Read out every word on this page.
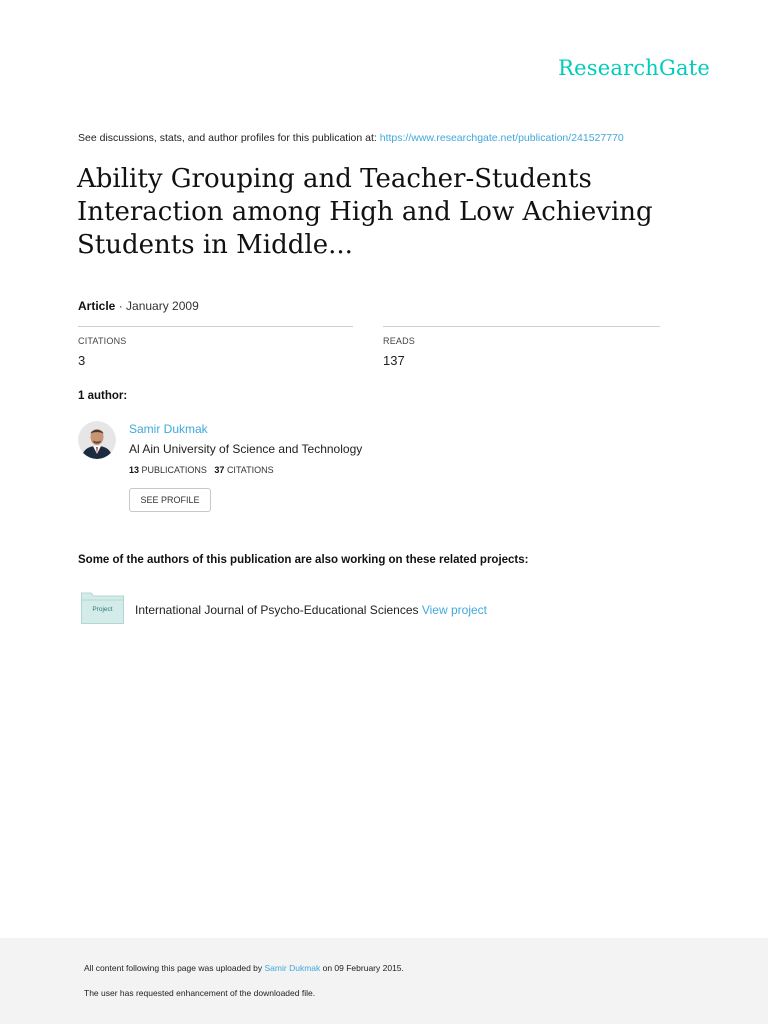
ResearchGate
See discussions, stats, and author profiles for this publication at: https://www.researchgate.net/publication/241527770
Ability Grouping and Teacher-Students
Interaction among High and Low Achieving
Students in Middle...
Article · January 2009
CITATIONS
3
READS
137
1 author:
Samir Dukmak
Al Ain University of Science and Technology
13 PUBLICATIONS 37 CITATIONS
SEE PROFILE
Some of the authors of this publication are also working on these related projects:
Project	International Journal of Psycho-Educational Sciences View project
All content following this page was uploaded by Samir Dukmak on 09 February 2015.
The user has requested enhancement of the downloaded file.
